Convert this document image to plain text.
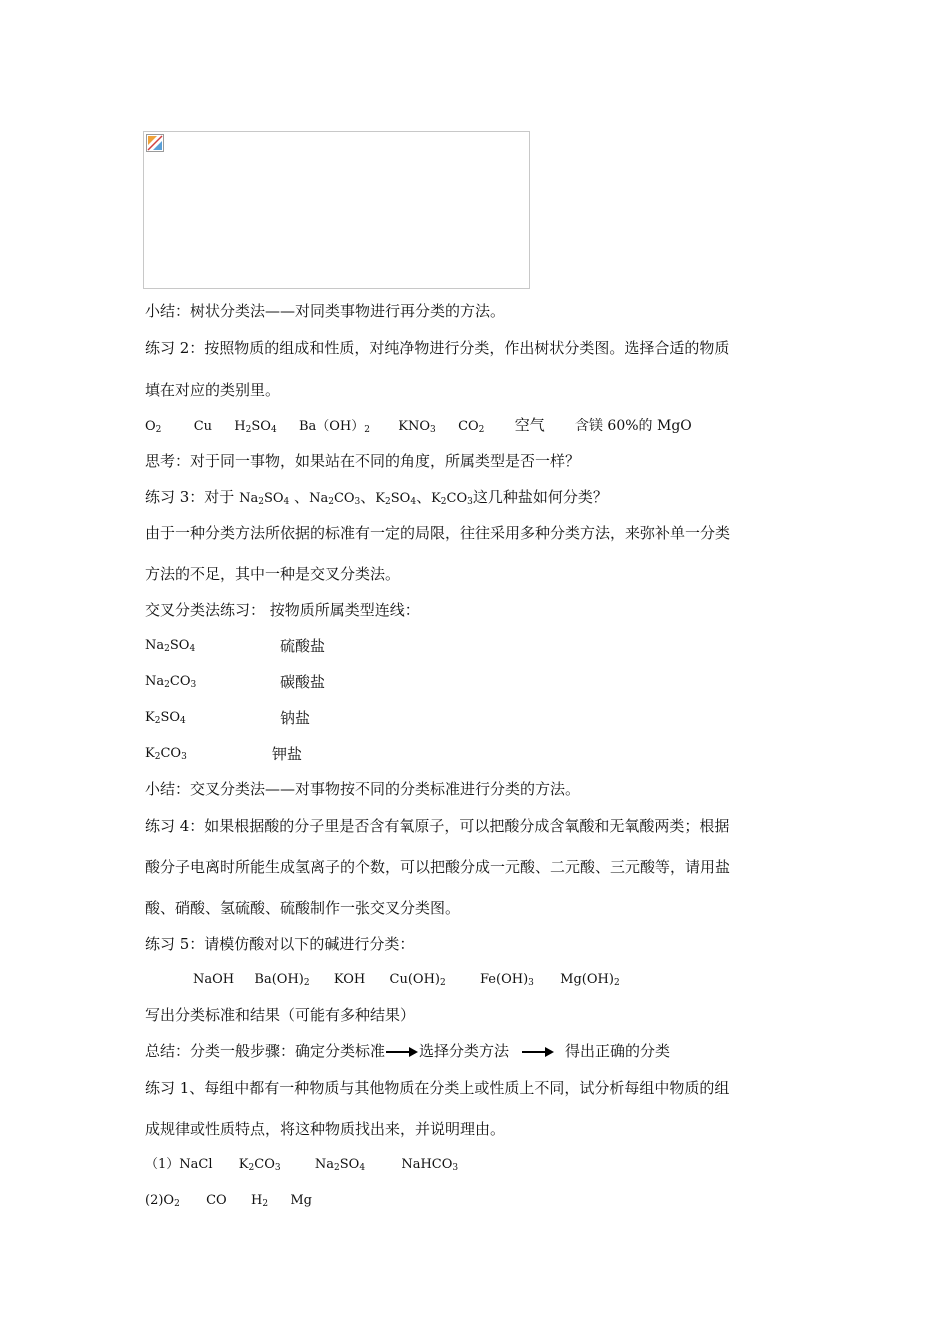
小结：树状分类法——对同类事物进行再分类的方法。
练习 2：按照物质的组成和性质，对纯净物进行分类，作出树状分类图。选择合适的物质
填在对应的类别里。
$O_2$ Cu $H_2SO_4$ $Ba(OH)_2$ $KNO_3$ $CO_2$ 空气 含镁 60%的 MgO
思考：对于同一事物，如果站在不同的角度，所属类型是否一样？
练习 3：对于 $Na_2SO_4$ 、$Na_2CO_3$、$K_2SO_4$、$K_2CO_3$这几种盐如何分类？
由于一种分类方法所依据的标准有一定的局限，往往采用多种分类方法，来弥补单一分类
方法的不足，其中一种是交叉分类法。
交叉分类法练习： 按物质所属类型连线：
$Na_2SO_4$	硫酸盐
$Na_2CO_3$	碳酸盐
$K_2SO_4$	钠盐
$K_2CO_3$	钾盐
小结：交叉分类法——对事物按不同的分类标准进行分类的方法。
练习 4：如果根据酸的分子里是否含有氧原子，可以把酸分成含氧酸和无氧酸两类；根据
酸分子电离时所能生成氢离子的个数，可以把酸分成一元酸、二元酸、三元酸等，请用盐
酸、硝酸、氢硫酸、硫酸制作一张交叉分类图。
练习 5：请模仿酸对以下的碱进行分类：
NaOH $Ba(OH)_2$ KOH $Cu(OH)_2$	$Fe(OH)_3$ $Mg(OH)_2$
写出分类标准和结果（可能有多种结果）
总结：分类一般步骤：确定分类标准 选择分类方法	得出正确的分类
练习 1、每组中都有一种物质与其他物质在分类上或性质上不同，试分析每组中物质的组
成规律或性质特点，将这种物质找出来，并说明理由。
（1）NaCl $K_2CO_3$	$Na_2SO_4$	NaHCO$_3$
$(2)O_2$ CO $H_2$ Mg
